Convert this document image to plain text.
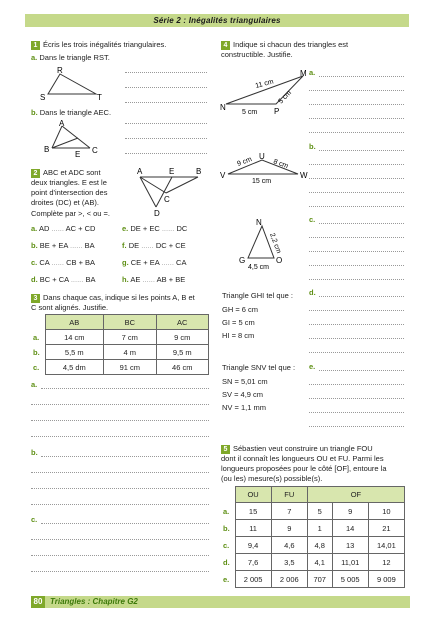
Série 2 : Inégalités triangulaires
1 Écris les trois inégalités triangulaires.
a. Dans le triangle RST.
R
S	T
b. Dans le triangle AEC.
A
B	C
E
2 ABC et ADC sont
deux triangles. E est le
point d'intersection des
droites (DC) et (AB).
Complète par >, < ou =.
A	E	B
C
D
a. AD ...... AC + CD	e. DE + EC ...... DC
b. BE + EA ...... BA	f. DE ...... DC + CE
c. CA ...... CB + BA	g. CE + EA ...... CA
d. BC + CA ...... BA	h. AE ...... AB + BE
3 Dans chaque cas, indique si les points A, B et
C sont alignés. Justifie.
	AB	BC	AC
a.	14 cm	7 cm	9 cm
b.	5,5 m	4 m	9,5 m
c.	4,5 dm	91 cm	46 cm
a.
b.
c.
4 Indique si chacun des triangles est
constructible. Justifie.
N	P
M
5 cm
11 cm
5 cm
V
U
W
9 cm	8 cm
15 cm
N
G	O
2,2 cm
4,5 cm
Triangle GHI tel que :
GH = 6 cm
GI = 5 cm
HI = 8 cm
Triangle SNV tel que :
SN = 5,01 cm
SV = 4,9 cm
NV = 1,1 mm
a.
b.
c.
d.
e.
5 Sébastien veut construire un triangle FOU
dont il connaît les longueurs OU et FU. Parmi les
longueurs proposées pour le côté [OF], entoure la
(ou les) mesure(s) possible(s).
	OU	FU	OF		
a.	15	7	5	9	10
b.	11	9	1	14	21
c.	9,4	4,6	4,8	13	14,01
d.	7,6	3,5	4,1	11,01	12
e.	2 005	2 006	707	5 005	9 009
80 Triangles : Chapitre G2
